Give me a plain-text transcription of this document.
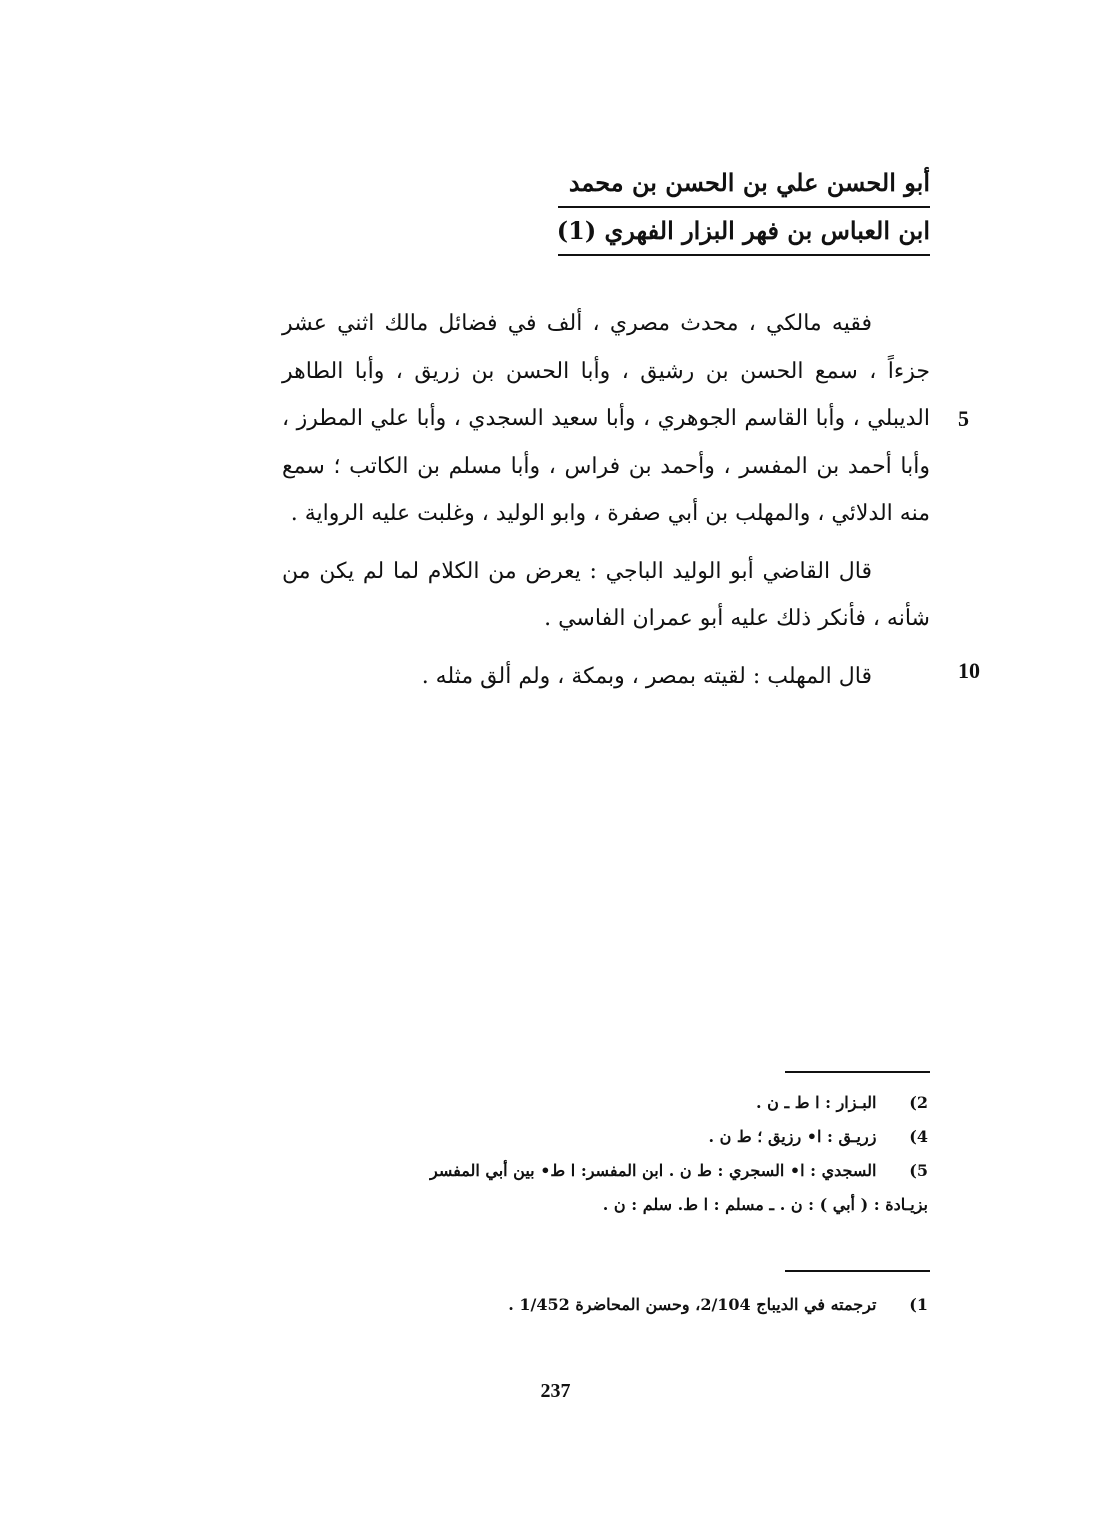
أبو الحسن علي بن الحسن بن محمد
ابن العباس بن فهر البزار الفهري (1)

فقيه مالكي ، محدث مصري ، ألف في فضائل مالك اثني عشر جزءاً ، سمع الحسن بن رشيق ، وأبا الحسن بن زريق ، وأبا الطاهر الديبلي ، وأبا القاسم الجوهري ، وأبا سعيد السجدي ، وأبا علي المطرز ، وأبا أحمد بن المفسر ، وأحمد بن فراس ، وأبا مسلم بن الكاتب ؛ سمع منه الدلائي ، والمهلب بن أبي صفرة ، وابو الوليد ، وغلبت عليه الرواية .

قال القاضي أبو الوليد الباجي : يعرض من الكلام لما لم يكن من شأنه ، فأنكر ذلك عليه أبو عمران الفاسي .

قال المهلب : لقيته بمصر ، وبمكة ، ولم ألق مثله .

5
10
2) البـزار : ا ط ـ ن .
4) زريـق : ا• رزيق ؛ ط ن .
5) السجدي : ا• السجري : ط ن . ابن المفسر: ا ط• بين أبي المفسر
بزيـادة : ( أبي ) : ن . ـ مسلم : ا ط. سلم : ن .
1) ترجمته في الديباج 2/104، وحسن المحاضرة 1/452 .
237
